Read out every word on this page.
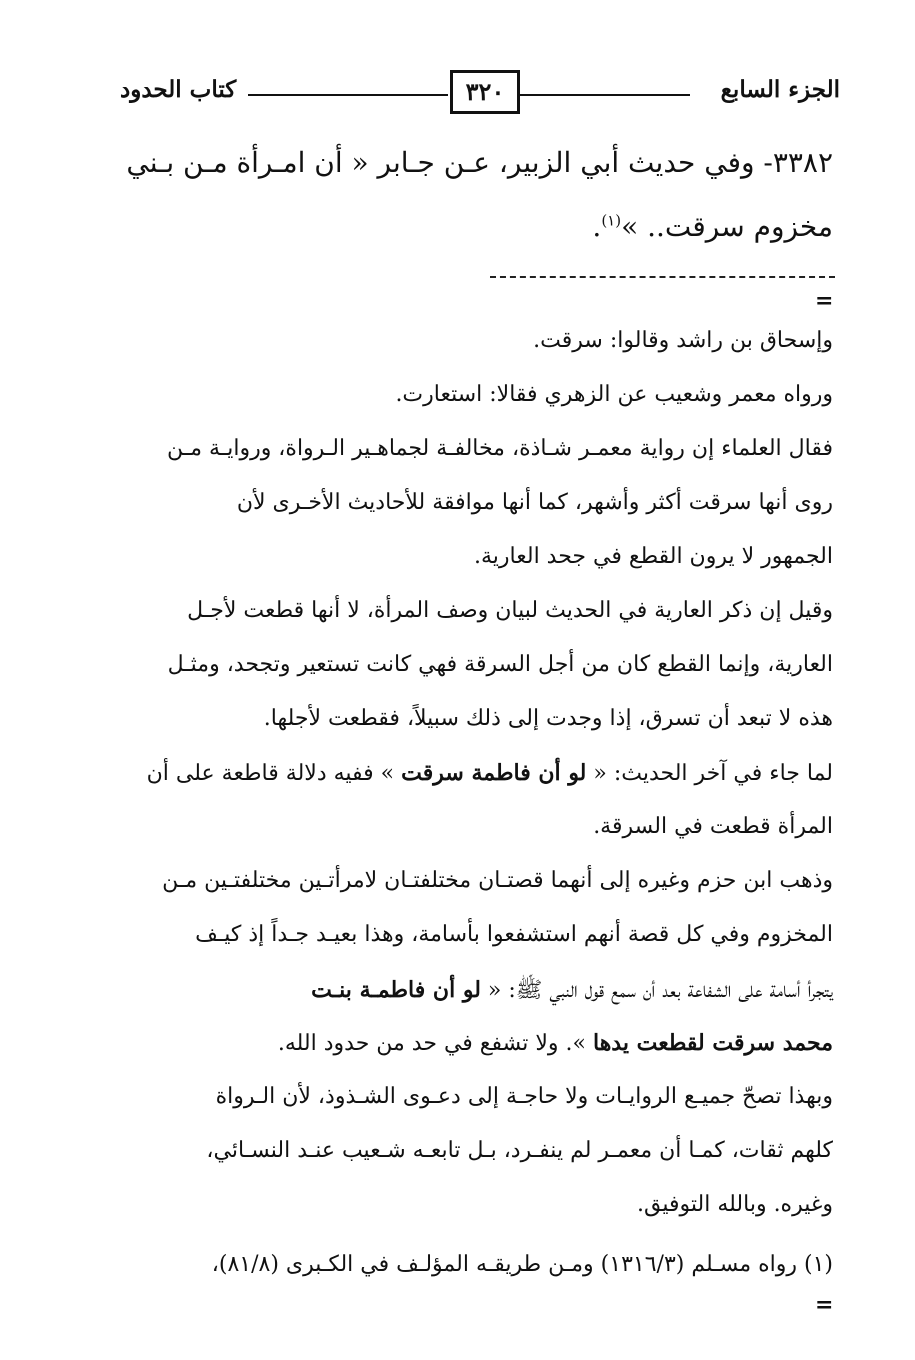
الجزء السابع
٣٢٠
كتاب الحدود
٣٣٨٢- وفي حديث أبي الزبير، عـن جـابر « أن امـرأة مـن بـني
مخزوم سرقت.. »$^{(١)}$.
=
وإسحاق بن راشد وقالوا: سرقت.
ورواه معمر وشعيب عن الزهري فقالا: استعارت.
فقال العلماء إن رواية معمـر شـاذة، مخالفـة لجماهـير الـرواة، وروايـة مـن
روى أنها سرقت أكثر وأشهر، كما أنها موافقة للأحاديث الأخـرى لأن
الجمهور لا يرون القطع في جحد العارية.
وقيل إن ذكر العارية في الحديث لبيان وصف المرأة، لا أنها قطعت لأجـل
العارية، وإنما القطع كان من أجل السرقة فهي كانت تستعير وتجحد، ومثـل
هذه لا تبعد أن تسرق، إذا وجدت إلى ذلك سبيلاً، فقطعت لأجلها.
لما جاء في آخر الحديث: « لو أن فاطمة سرقت » ففيه دلالة قاطعة على أن
المرأة قطعت في السرقة.
وذهب ابن حزم وغيره إلى أنهما قصتـان مختلفتـان لامرأتـين مختلفتـين مـن
المخزوم وفي كل قصة أنهم استشفعوا بأسامة، وهذا بعيـد جـداً إذ كيـف
يتجرأ أسامة على الشفاعة بعد أن سمع قول النبي ﷺ: « لو أن فاطمـة بنـت
محمد سرقت لقطعت يدها ». ولا تشفع في حد من حدود الله.
وبهذا تصحّ جميـع الروايـات ولا حاجـة إلى دعـوى الشـذوذ، لأن الـرواة
كلهم ثقات، كمـا أن معمـر لم ينفـرد، بـل تابعـه شـعيب عنـد النسـائي،
وغيره. وبالله التوفيق.
(١) رواه مسـلم (١٣١٦/٣) ومـن طريقـه المؤلـف في الكـبرى (٨١/٨)،
=
